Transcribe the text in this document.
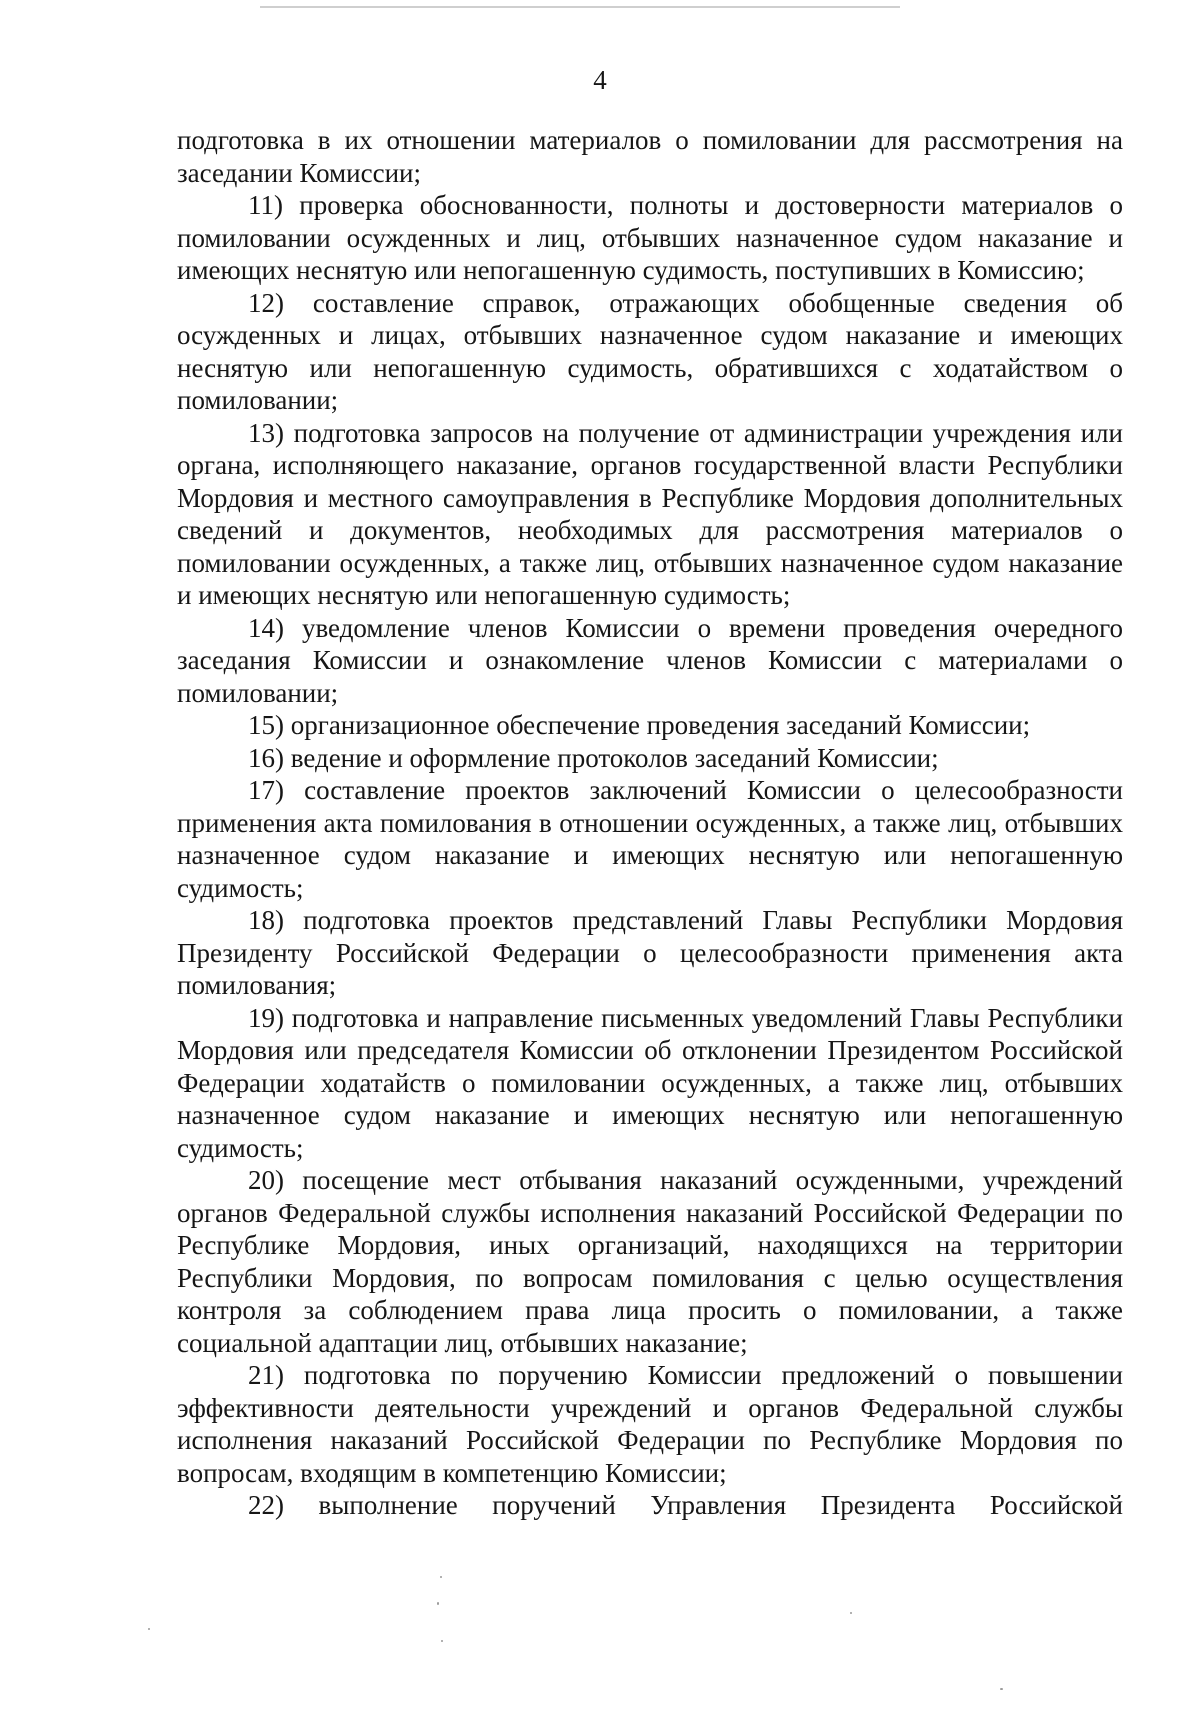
4

подготовка в их отношении материалов о помиловании для рассмотрения на заседании Комиссии;

11) проверка обоснованности, полноты и достоверности материалов о помиловании осужденных и лиц, отбывших назначенное судом наказание и имеющих неснятую или непогашенную судимость, поступивших в Комиссию;

12) составление справок, отражающих обобщенные сведения об осужденных и лицах, отбывших назначенное судом наказание и имеющих неснятую или непогашенную судимость, обратившихся с ходатайством о помиловании;

13) подготовка запросов на получение от администрации учреждения или органа, исполняющего наказание, органов государственной власти Республики Мордовия и местного самоуправления в Республике Мордовия дополнительных сведений и документов, необходимых для рассмотрения материалов о помиловании осужденных, а также лиц, отбывших назначенное судом наказание и имеющих неснятую или непогашенную судимость;

14) уведомление членов Комиссии о времени проведения очередного заседания Комиссии и ознакомление членов Комиссии с материалами о помиловании;

15) организационное обеспечение проведения заседаний Комиссии;

16) ведение и оформление протоколов заседаний Комиссии;

17) составление проектов заключений Комиссии о целесообразности применения акта помилования в отношении осужденных, а также лиц, отбывших назначенное судом наказание и имеющих неснятую или непогашенную судимость;

18) подготовка проектов представлений Главы Республики Мордовия Президенту Российской Федерации о целесообразности применения акта помилования;

19) подготовка и направление письменных уведомлений Главы Республики Мордовия или председателя Комиссии об отклонении Президентом Российской Федерации ходатайств о помиловании осужденных, а также лиц, отбывших назначенное судом наказание и имеющих неснятую или непогашенную судимость;

20) посещение мест отбывания наказаний осужденными, учреждений органов Федеральной службы исполнения наказаний Российской Федерации по Республике Мордовия, иных организаций, находящихся на территории Республики Мордовия, по вопросам помилования с целью осуществления контроля за соблюдением права лица просить о помиловании, а также социальной адаптации лиц, отбывших наказание;

21) подготовка по поручению Комиссии предложений о повышении эффективности деятельности учреждений и органов Федеральной службы исполнения наказаний Российской Федерации по Республике Мордовия по вопросам, входящим в компетенцию Комиссии;

22) выполнение поручений Управления Президента Российской
